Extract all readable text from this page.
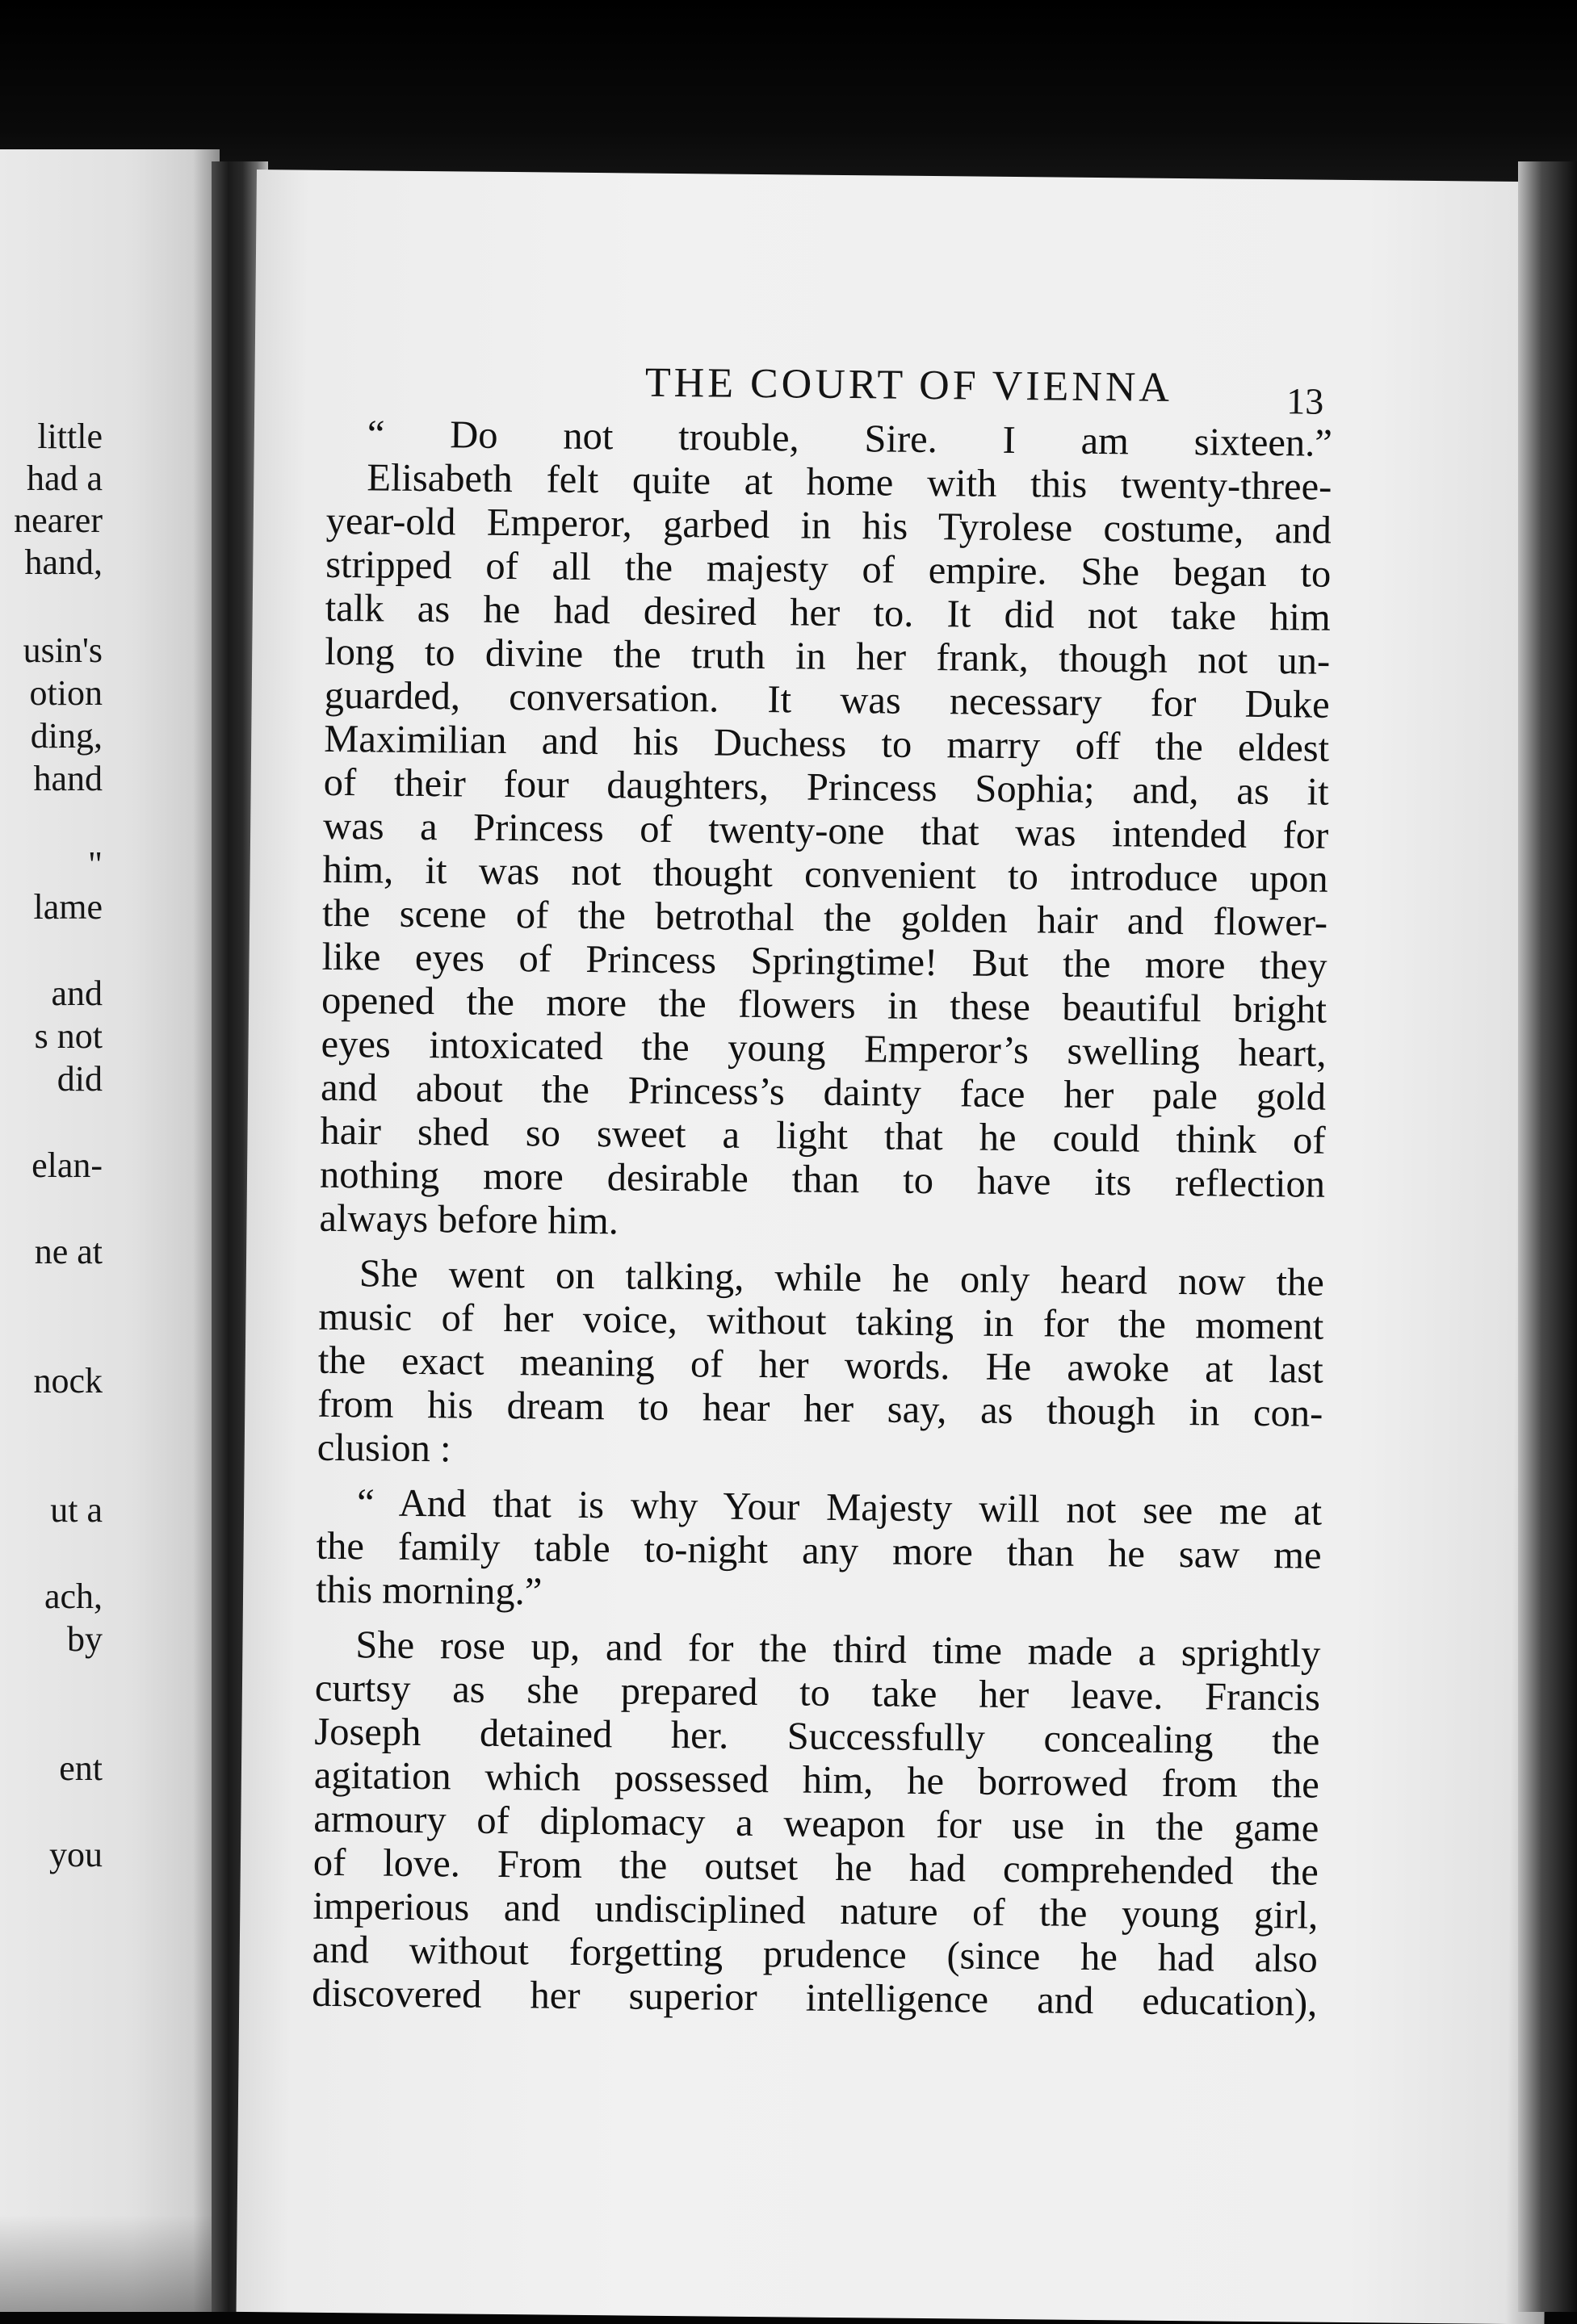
little
had a
nearer
hand,
usin's
otion
ding,
hand
"
lame
and
s not
did
elan-
ne at
nock
ut a
ach,
by
ent
you
THE COURT OF VIENNA	13
“ Do not trouble, Sire. I am sixteen.”
Elisabeth felt quite at home with this twenty-three-
year-old Emperor, garbed in his Tyrolese costume, and
stripped of all the majesty of empire. She began to
talk as he had desired her to. It did not take him
long to divine the truth in her frank, though not un-
guarded, conversation. It was necessary for Duke
Maximilian and his Duchess to marry off the eldest
of their four daughters, Princess Sophia; and, as it
was a Princess of twenty-one that was intended for
him, it was not thought convenient to introduce upon
the scene of the betrothal the golden hair and flower-
like eyes of Princess Springtime! But the more they
opened the more the flowers in these beautiful bright
eyes intoxicated the young Emperor’s swelling heart,
and about the Princess’s dainty face her pale gold
hair shed so sweet a light that he could think of
nothing more desirable than to have its reflection
always before him.
She went on talking, while he only heard now the
music of her voice, without taking in for the moment
the exact meaning of her words. He awoke at last
from his dream to hear her say, as though in con-
clusion :
“ And that is why Your Majesty will not see me at
the family table to-night any more than he saw me
this morning.”
She rose up, and for the third time made a sprightly
curtsy as she prepared to take her leave. Francis
Joseph detained her. Successfully concealing the
agitation which possessed him, he borrowed from the
armoury of diplomacy a weapon for use in the game
of love. From the outset he had comprehended the
imperious and undisciplined nature of the young girl,
and without forgetting prudence (since he had also
discovered her superior intelligence and education),
